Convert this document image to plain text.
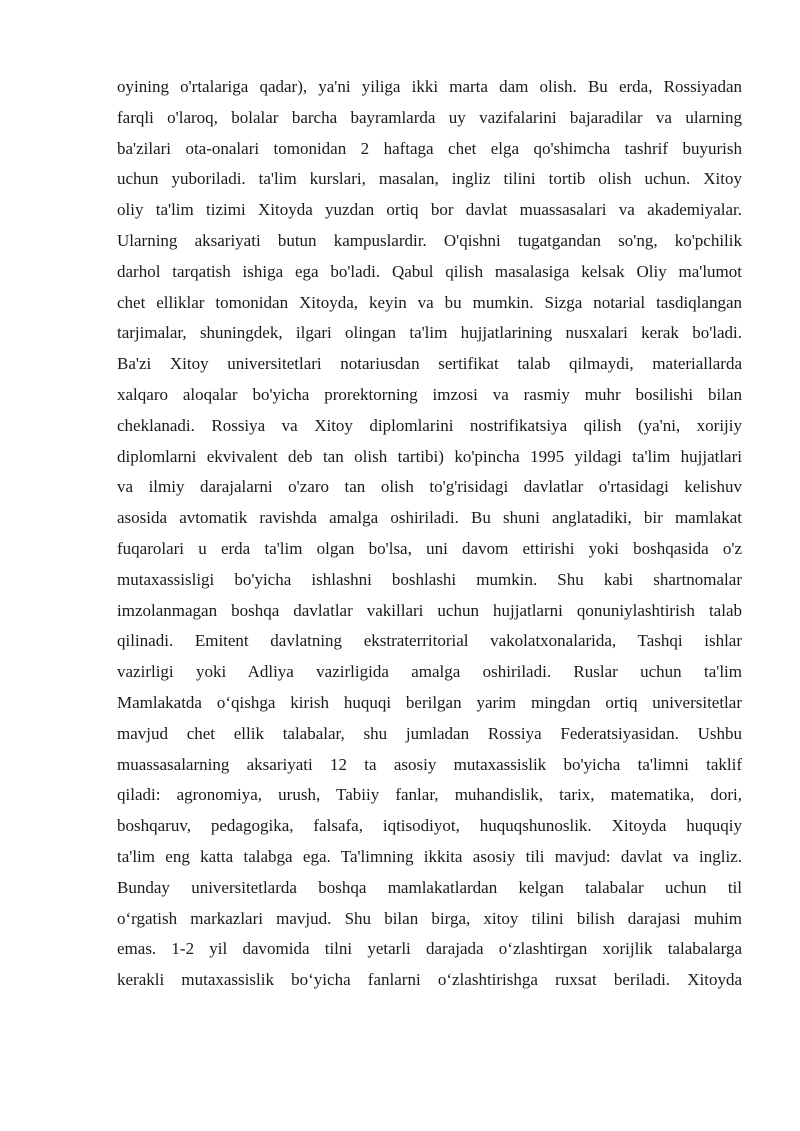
oyining o'rtalariga qadar), ya'ni yiliga ikki marta dam olish. Bu erda, Rossiyadan
farqli o'laroq, bolalar barcha bayramlarda uy vazifalarini bajaradilar va ularning
ba'zilari ota-onalari tomonidan 2 haftaga chet elga qo'shimcha tashrif buyurish
uchun yuboriladi. ta'lim kurslari, masalan, ingliz tilini tortib olish uchun. Xitoy
oliy ta'lim tizimi Xitoyda yuzdan ortiq bor davlat muassasalari va akademiyalar.
Ularning aksariyati butun kampuslardir. O'qishni tugatgandan so'ng, ko'pchilik
darhol tarqatish ishiga ega bo'ladi. Qabul qilish masalasiga kelsak Oliy ma'lumot
chet elliklar tomonidan Xitoyda, keyin va bu mumkin. Sizga notarial tasdiqlangan
tarjimalar, shuningdek, ilgari olingan ta'lim hujjatlarining nusxalari kerak bo'ladi.
Ba'zi Xitoy universitetlari notariusdan sertifikat talab qilmaydi, materiallarda
xalqaro aloqalar bo'yicha prorektorning imzosi va rasmiy muhr bosilishi bilan
cheklanadi. Rossiya va Xitoy diplomlarini nostrifikatsiya qilish (ya'ni, xorijiy
diplomlarni ekvivalent deb tan olish tartibi) ko'pincha 1995 yildagi ta'lim hujjatlari
va ilmiy darajalarni o'zaro tan olish to'g'risidagi davlatlar o'rtasidagi kelishuv
asosida avtomatik ravishda amalga oshiriladi. Bu shuni anglatadiki, bir mamlakat
fuqarolari u erda ta'lim olgan bo'lsa, uni davom ettirishi yoki boshqasida o'z
mutaxassisligi bo'yicha ishlashni boshlashi mumkin. Shu kabi shartnomalar
imzolanmagan boshqa davlatlar vakillari uchun hujjatlarni qonuniylashtirish talab
qilinadi. Emitent davlatning ekstraterritorial vakolatxonalarida, Tashqi ishlar
vazirligi yoki Adliya vazirligida amalga oshiriladi. Ruslar uchun ta'lim
Mamlakatda o‘qishga kirish huquqi berilgan yarim mingdan ortiq universitetlar
mavjud chet ellik talabalar, shu jumladan Rossiya Federatsiyasidan. Ushbu
muassasalarning aksariyati 12 ta asosiy mutaxassislik bo'yicha ta'limni taklif
qiladi: agronomiya, urush, Tabiiy fanlar, muhandislik, tarix, matematika, dori,
boshqaruv, pedagogika, falsafa, iqtisodiyot, huquqshunoslik. Xitoyda huquqiy
ta'lim eng katta talabga ega. Ta'limning ikkita asosiy tili mavjud: davlat va ingliz.
Bunday universitetlarda boshqa mamlakatlardan kelgan talabalar uchun til
o‘rgatish markazlari mavjud. Shu bilan birga, xitoy tilini bilish darajasi muhim
emas. 1-2 yil davomida tilni yetarli darajada o‘zlashtirgan xorijlik talabalarga
kerakli mutaxassislik bo‘yicha fanlarni o‘zlashtirishga ruxsat beriladi. Xitoyda
